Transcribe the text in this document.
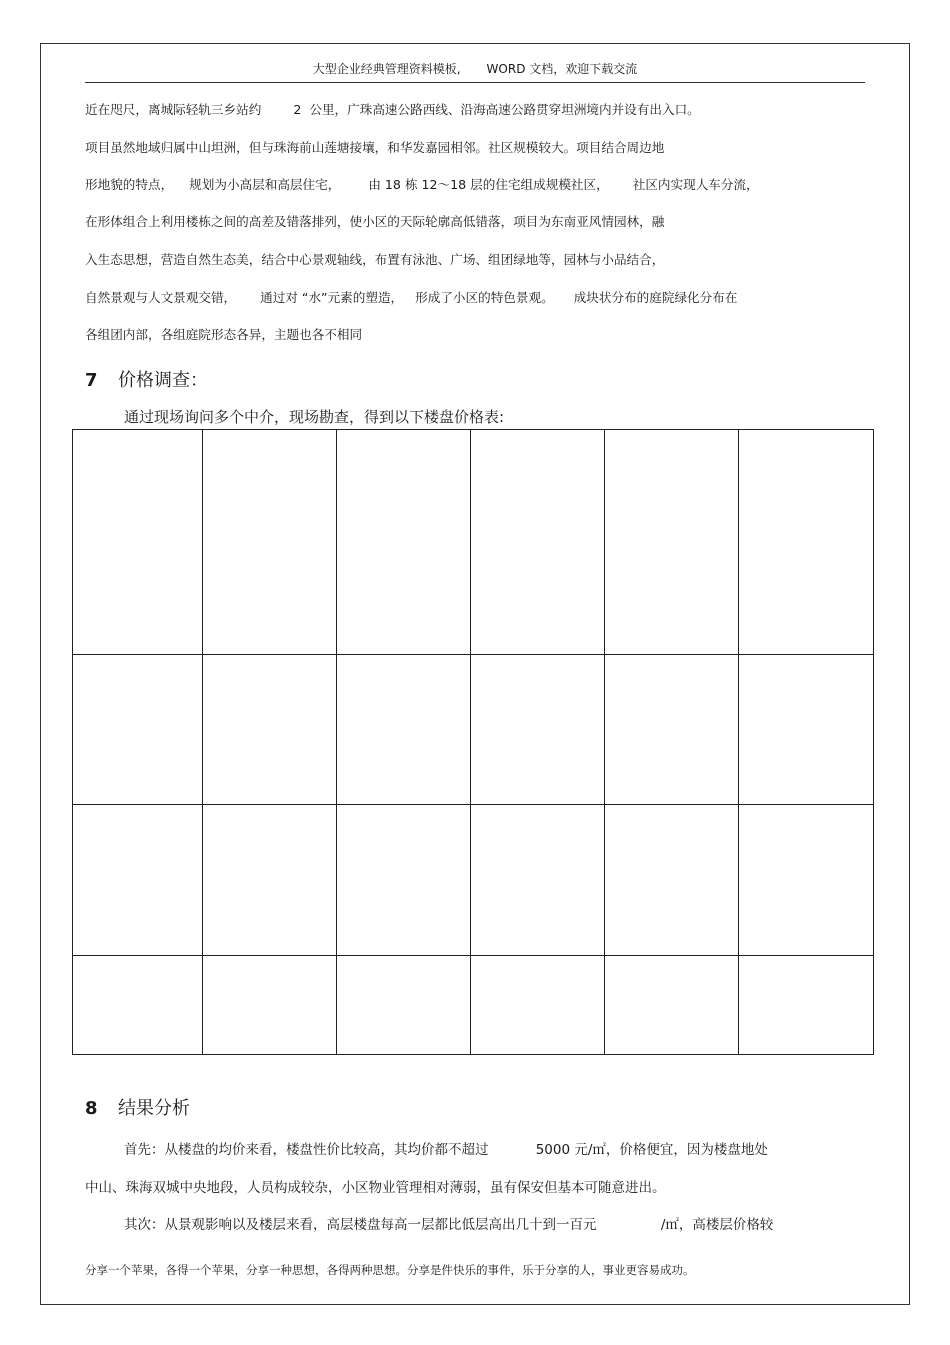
大型企业经典管理资料模板, WORD 文档，欢迎下载交流
近在咫尺，离城际轻轨三乡站约        2  公里，广珠高速公路西线、沿海高速公路贯穿坦洲境内并设有出入口。
项目虽然地域归属中山坦洲，但与珠海前山莲塘接壤，和华发嘉园相邻。社区规模较大。项目结合周边地
形地貌的特点，    规划为小高层和高层住宅，       由 18 栋 12～18 层的住宅组成规模社区，      社区内实现人车分流，
在形体组合上利用楼栋之间的高差及错落排列，使小区的天际轮廓高低错落，项目为东南亚风情园林，融
入生态思想，营造自然生态美，结合中心景观轴线，布置有泳池、广场、组团绿地等，园林与小品结合，
自然景观与人文景观交错，      通过对 “水”元素的塑造，   形成了小区的特色景观。     成块状分布的庭院绿化分布在
各组团内部，各组庭院形态各异，主题也各不相同
7 价格调查：
通过现场询问多个中介，现场勘查，得到以下楼盘价格表:

8 结果分析
首先：从楼盘的均价来看，楼盘性价比较高，其均价都不超过           5000 元/㎡，价格便宜，因为楼盘地处
中山、珠海双城中央地段，人员构成较杂，小区物业管理相对薄弱，虽有保安但基本可随意进出。
其次：从景观影响以及楼层来看，高层楼盘每高一层都比低层高出几十到一百元               /㎡，高楼层价格较
分享一个苹果，各得一个苹果，分享一种思想，各得两种思想。分享是件快乐的事件，乐于分享的人，事业更容易成功。
